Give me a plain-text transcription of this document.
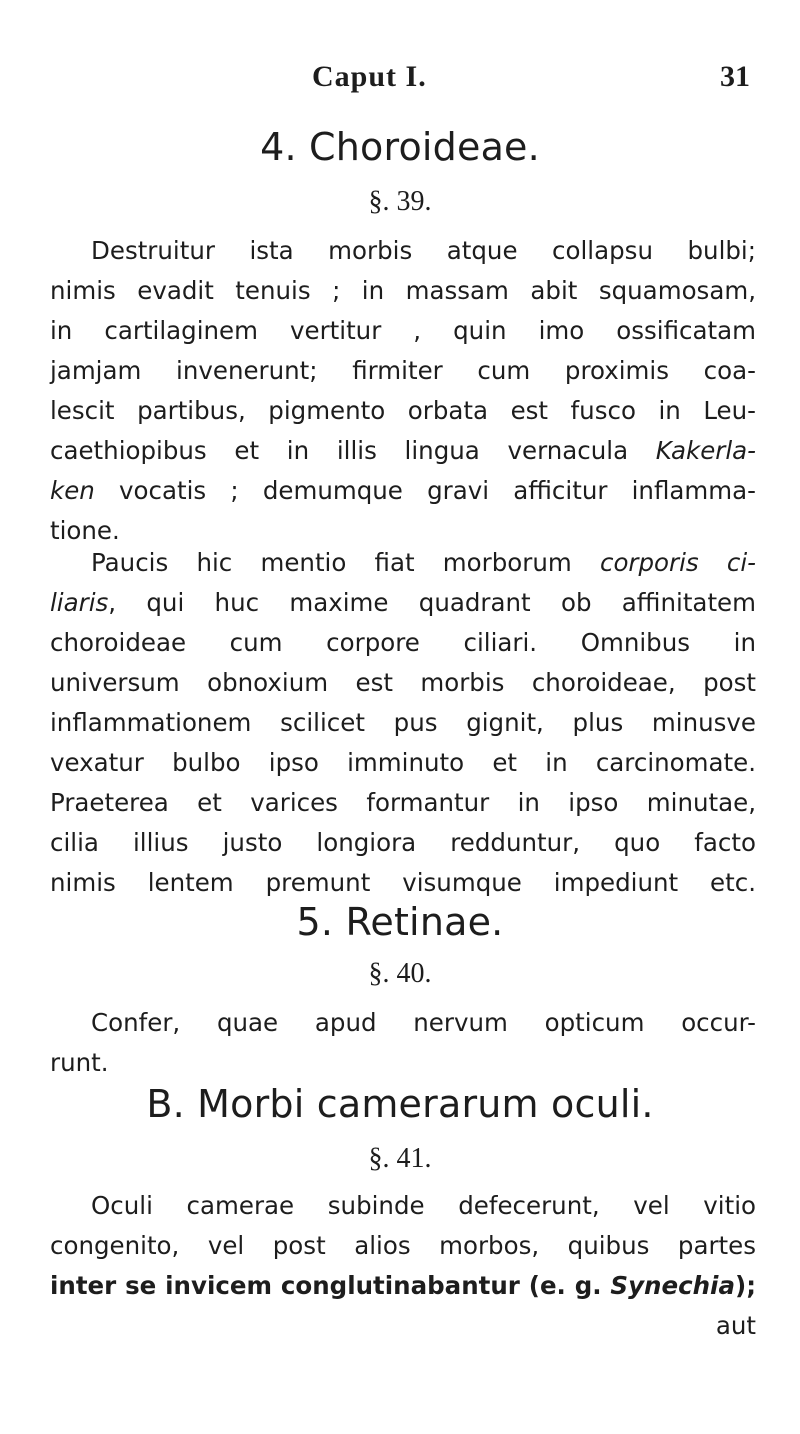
Caput I.	31
4. Choroideae.
§. 39.
Destruitur ista morbis atque collapsu bulbi;
nimis evadit tenuis ; in massam abit squamosam,
in cartilaginem vertitur , quin imo ossificatam
jamjam invenerunt; firmiter cum proximis coa-
lescit partibus, pigmento orbata est fusco in Leu-
caethiopibus et in illis lingua vernacula Kakerla-
ken vocatis ; demumque gravi afficitur inflamma-
tione.
Paucis hic mentio fiat morborum corporis ci-
liaris, qui huc maxime quadrant ob affinitatem
choroideae cum corpore ciliari. Omnibus in
universum obnoxium est morbis choroideae, post
inflammationem scilicet pus gignit, plus minusve
vexatur bulbo ipso imminuto et in carcinomate.
Praeterea et varices formantur in ipso minutae,
cilia illius justo longiora redduntur, quo facto
nimis lentem premunt visumque impediunt etc.
5. Retinae.
§. 40.
Confer, quae apud nervum opticum occur-
runt.
B. Morbi camerarum oculi.
§. 41.
Oculi camerae subinde defecerunt, vel vitio
congenito, vel post alios morbos, quibus partes
inter se invicem conglutinabantur (e. g. Synechia);
aut
